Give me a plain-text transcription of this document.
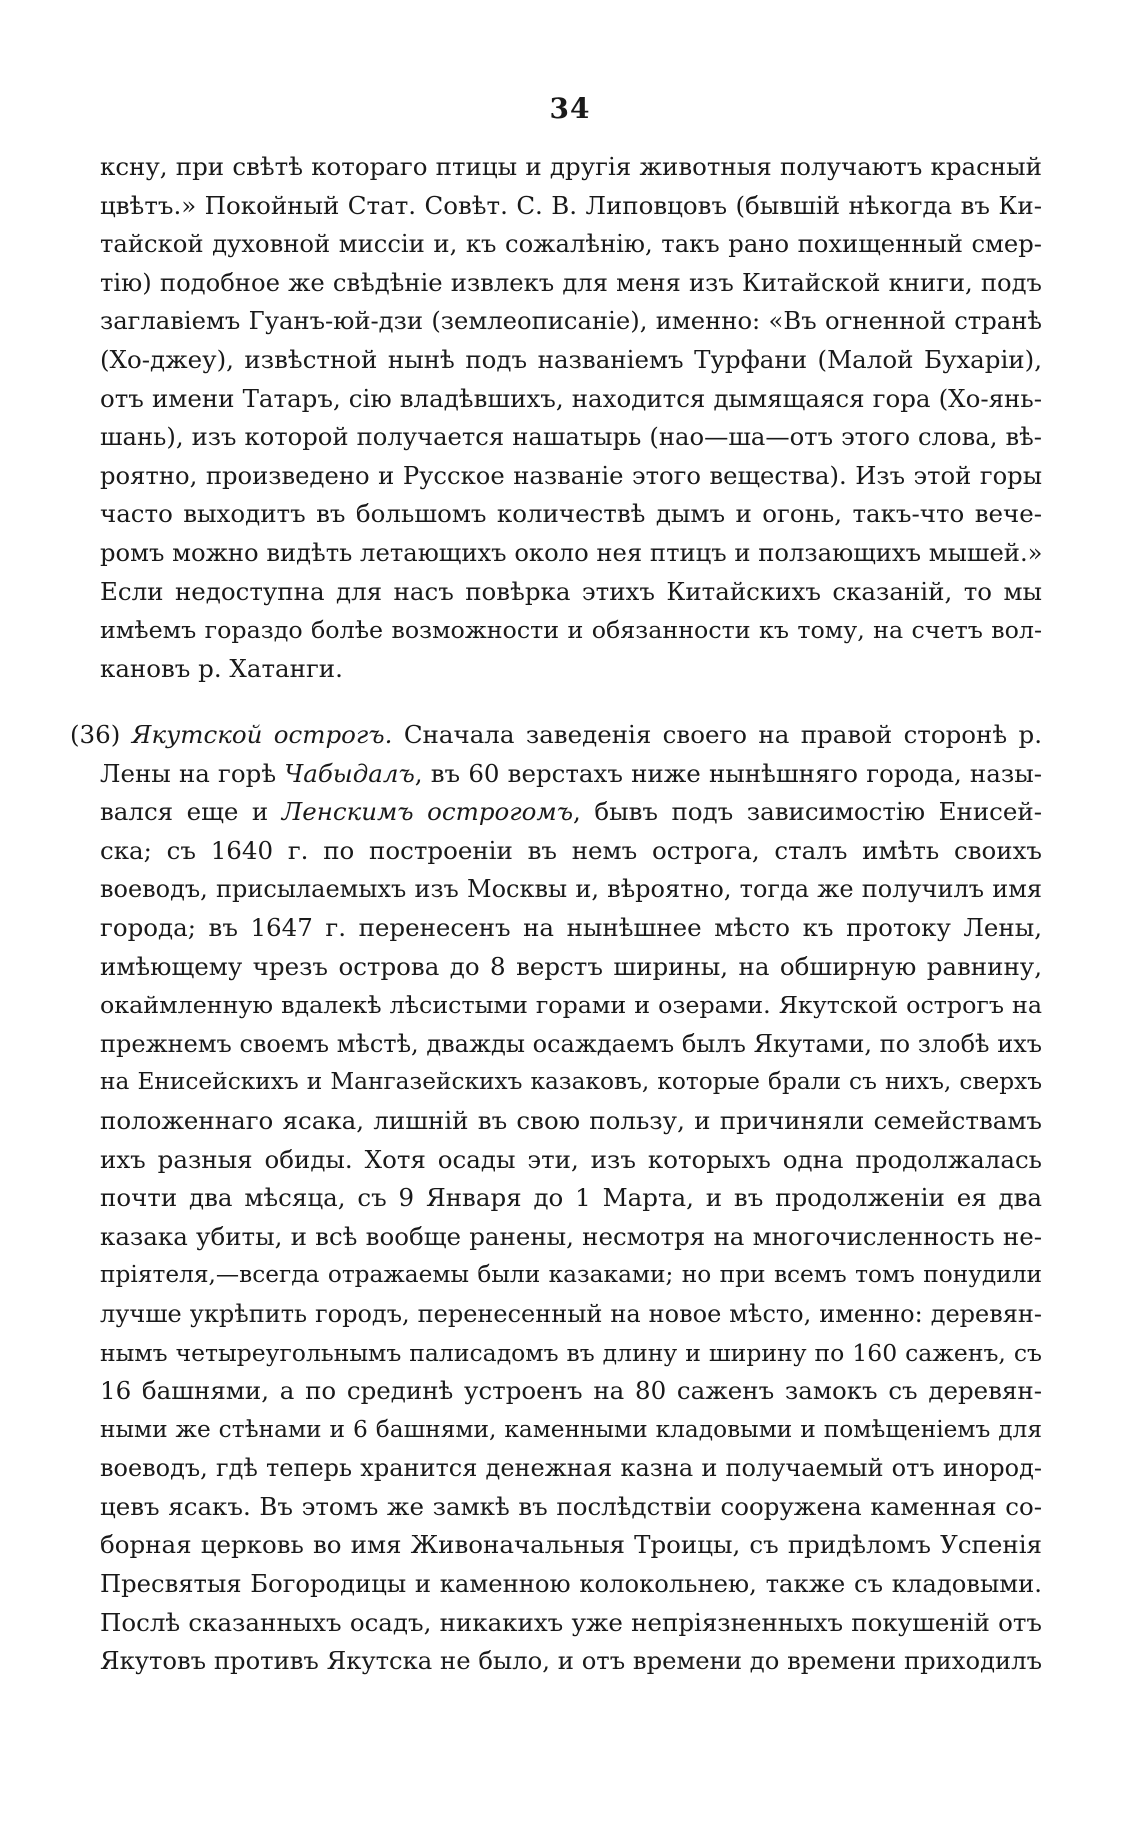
34
ксну, при свѣтѣ котораго птицы и другія животныя получаютъ красный
цвѣтъ.» Покойный Стат. Совѣт. С. В. Липовцовъ (бывшій нѣкогда въ Ки-
тайской духовной миссіи и, къ сожалѣнію, такъ рано похищенный смер-
тію) подобное же свѣдѣніе извлекъ для меня изъ Китайской книги, подъ
заглавіемъ Гуанъ-юй-дзи (землеописаніе), именно: «Въ огненной странѣ
(Хо-джеу), извѣстной нынѣ подъ названіемъ Турфани (Малой Бухаріи),
отъ имени Татаръ, сію владѣвшихъ, находится дымящаяся гора (Хо-янь-
шань), изъ которой получается нашатырь (нао—ша—отъ этого слова, вѣ-
роятно, произведено и Русское названіе этого вещества). Изъ этой горы
часто выходитъ въ большомъ количествѣ дымъ и огонь, такъ-что вече-
ромъ можно видѣть летающихъ около нея птицъ и ползающихъ мышей.»
Если недоступна для насъ повѣрка этихъ Китайскихъ сказаній, то мы
имѣемъ гораздо болѣе возможности и обязанности къ тому, на счетъ вол-
кановъ р. Хатанги.
(36) Якутской острогъ. Сначала заведенія своего на правой сторонѣ р.
Лены на горѣ Чабыдалъ, въ 60 верстахъ ниже нынѣшняго города, назы-
вался еще и Ленскимъ острогомъ, бывъ подъ зависимостію Енисей-
ска; съ 1640 г. по построеніи въ немъ острога, сталъ имѣть своихъ
воеводъ, присылаемыхъ изъ Москвы и, вѣроятно, тогда же получилъ имя
города; въ 1647 г. перенесенъ на нынѣшнее мѣсто къ протоку Лены,
имѣющему чрезъ острова до 8 верстъ ширины, на обширную равнину,
окаймленную вдалекѣ лѣсистыми горами и озерами. Якутской острогъ на
прежнемъ своемъ мѣстѣ, дважды осаждаемъ былъ Якутами, по злобѣ ихъ
на Енисейскихъ и Мангазейскихъ казаковъ, которые брали съ нихъ, сверхъ
положеннаго ясака, лишній въ свою пользу, и причиняли семействамъ
ихъ разныя обиды. Хотя осады эти, изъ которыхъ одна продолжалась
почти два мѣсяца, съ 9 Января до 1 Марта, и въ продолженіи ея два
казака убиты, и всѣ вообще ранены, несмотря на многочисленность не-
пріятеля,—всегда отражаемы были казаками; но при всемъ томъ понудили
лучше укрѣпить городъ, перенесенный на новое мѣсто, именно: деревян-
нымъ четыреугольнымъ палисадомъ въ длину и ширину по 160 саженъ, съ
16 башнями, а по срединѣ устроенъ на 80 саженъ замокъ съ деревян-
ными же стѣнами и 6 башнями, каменными кладовыми и помѣщеніемъ для
воеводъ, гдѣ теперь хранится денежная казна и получаемый отъ инород-
цевъ ясакъ. Въ этомъ же замкѣ въ послѣдствіи сооружена каменная со-
борная церковь во имя Живоначальныя Троицы, съ придѣломъ Успенія
Пресвятыя Богородицы и каменною колокольнею, также съ кладовыми.
Послѣ сказанныхъ осадъ, никакихъ уже непріязненныхъ покушеній отъ
Якутовъ противъ Якутска не было, и отъ времени до времени приходилъ
